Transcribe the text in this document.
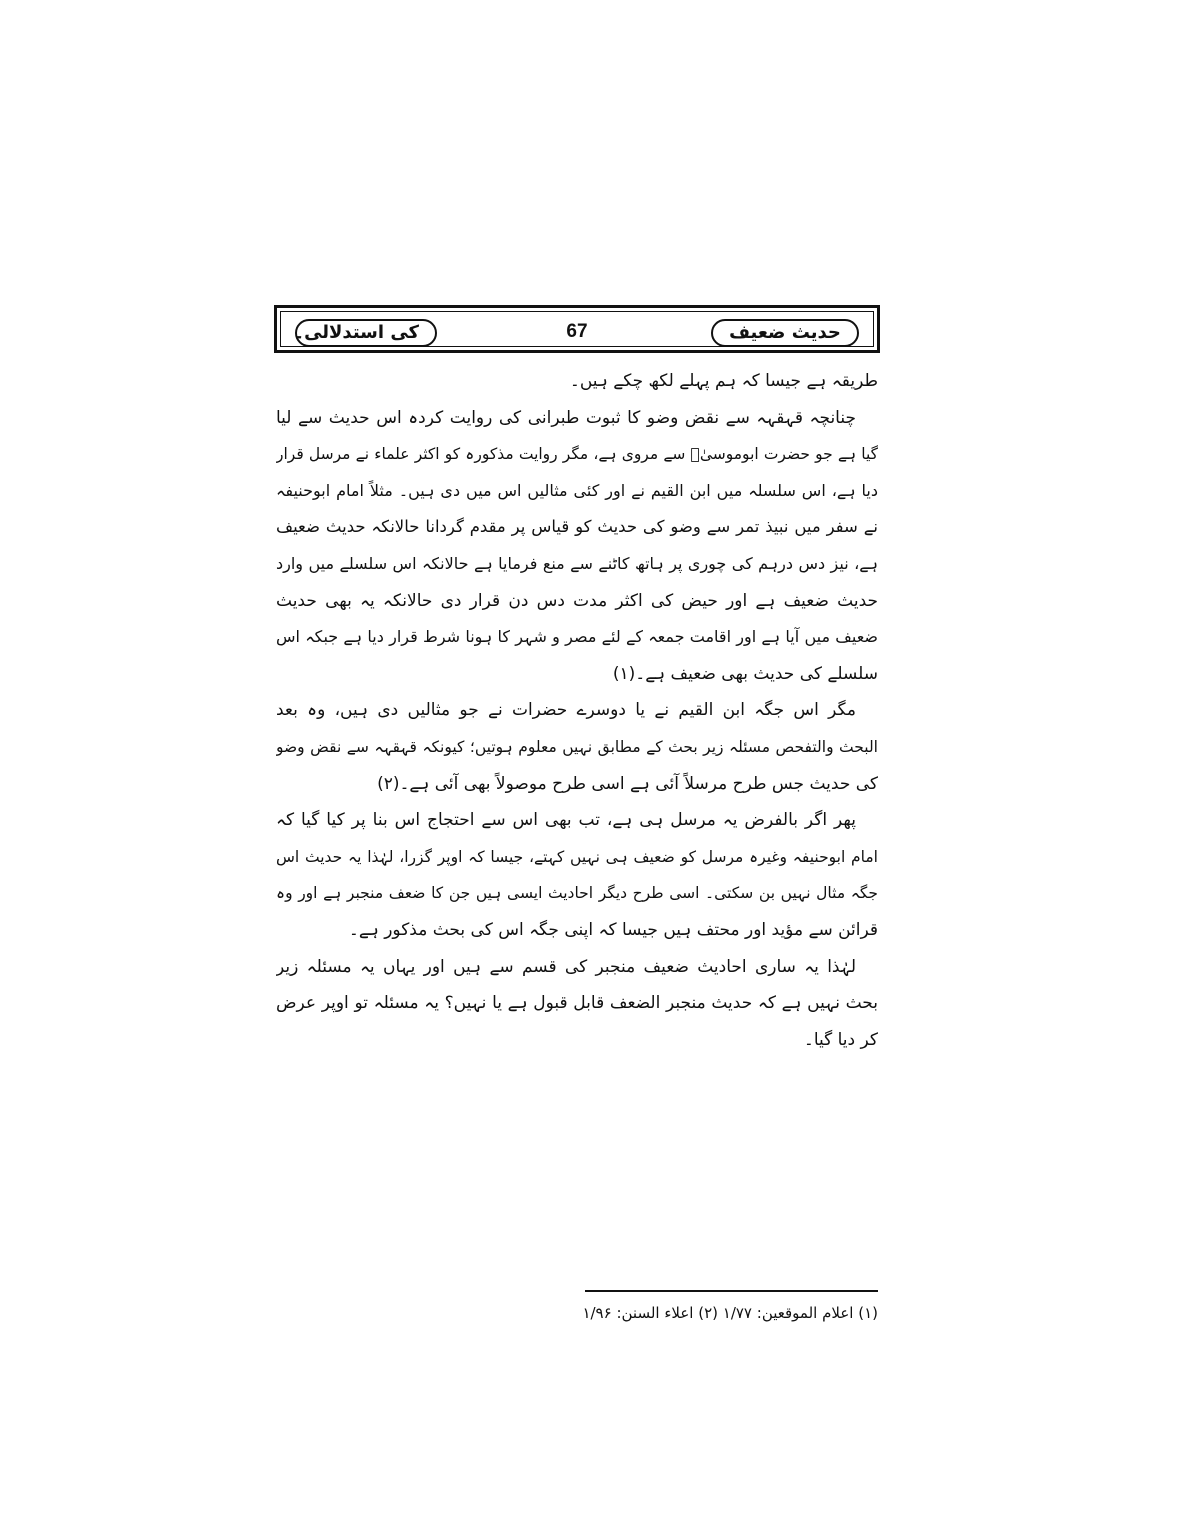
حدیث ضعیف
67
کی استدلالی۔
طریقہ ہے جیسا کہ ہم پہلے لکھ چکے ہیں۔
چنانچہ قہقہہ سے نقض وضو کا ثبوت طبرانی کی روایت کردہ اس حدیث سے لیا
گیا ہے جو حضرت ابوموسیٰؓ سے مروی ہے، مگر روایت مذکورہ کو اکثر علماء نے مرسل قرار
دیا ہے، اس سلسلہ میں ابن القیم نے اور کئی مثالیں اس میں دی ہیں۔ مثلاً امام ابوحنیفہ
نے سفر میں نبیذ تمر سے وضو کی حدیث کو قیاس پر مقدم گردانا حالانکہ حدیث ضعیف
ہے، نیز دس درہم کی چوری پر ہاتھ کاٹنے سے منع فرمایا ہے حالانکہ اس سلسلے میں وارد
حدیث ضعیف ہے اور حیض کی اکثر مدت دس دن قرار دی حالانکہ یہ بھی حدیث
ضعیف میں آیا ہے اور اقامت جمعہ کے لئے مصر و شہر کا ہونا شرط قرار دیا ہے جبکہ اس
سلسلے کی حدیث بھی ضعیف ہے۔(۱)
مگر اس جگہ ابن القیم نے یا دوسرے حضرات نے جو مثالیں دی ہیں، وہ بعد
البحث والتفحص مسئلہ زیر بحث کے مطابق نہیں معلوم ہوتیں؛ کیونکہ قہقہہ سے نقض وضو
کی حدیث جس طرح مرسلاً آئی ہے اسی طرح موصولاً بھی آئی ہے۔(۲)
پھر اگر بالفرض یہ مرسل ہی ہے، تب بھی اس سے احتجاج اس بنا پر کیا گیا کہ
امام ابوحنیفہ وغیرہ مرسل کو ضعیف ہی نہیں کہتے، جیسا کہ اوپر گزرا، لہٰذا یہ حدیث اس
جگہ مثال نہیں بن سکتی۔ اسی طرح دیگر احادیث ایسی ہیں جن کا ضعف منجبر ہے اور وہ
قرائن سے مؤید اور محتف ہیں جیسا کہ اپنی جگہ اس کی بحث مذکور ہے۔
لہٰذا یہ ساری احادیث ضعیف منجبر کی قسم سے ہیں اور یہاں یہ مسئلہ زیر
بحث نہیں ہے کہ حدیث منجبر الضعف قابل قبول ہے یا نہیں؟ یہ مسئلہ تو اوپر عرض
کر دیا گیا۔
(۱) اعلام الموقعین: ۱/۷۷ (۲) اعلاء السنن: ۱/۹۶
